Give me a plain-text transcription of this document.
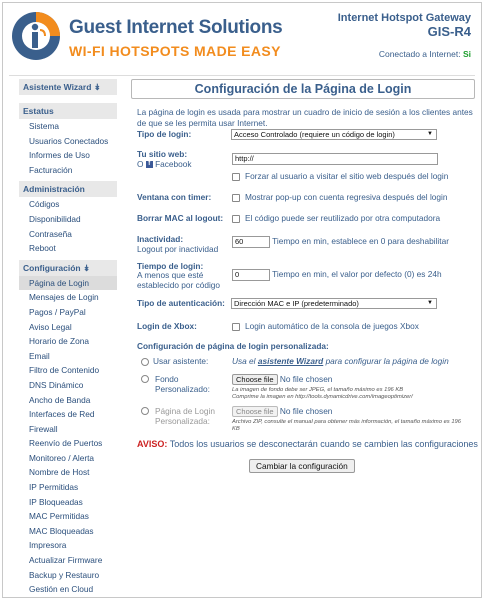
Guest Internet Solutions
WI-FI HOTSPOTS MADE EASY
Internet Hotspot Gateway
GIS-R4
Conectado a Internet: Si
Asistente Wizard ↡
Estatus
Sistema
Usuarios Conectados
Informes de Uso
Facturación
Administración
Códigos
Disponibilidad
Contraseña
Reboot
Configuración ↡
Página de Login
Mensajes de Login
Pagos / PayPal
Aviso Legal
Horario de Zona
Email
Filtro de Contenido
DNS Dinámico
Ancho de Banda
Interfaces de Red
Firewall
Reenvío de Puertos
Monitoreo / Alerta
Nombre de Host
IP Permitidas
IP Bloqueadas
MAC Permitidas
MAC Bloqueadas
Impresora
Actualizar Firmware
Backup y Restauro
Gestión en Cloud
Configuración de la Página de Login
La página de login es usada para mostrar un cuadro de inicio de sesión a los clientes antes de que se les permita usar Internet.
Tipo de login:	Acceso Controlado (requiere un código de login)	▼
Tu sitio web:
O f Facebook
http://
Forzar al usuario a visitar el sitio web después del login
Ventana con timer:	Mostrar pop-up con cuenta regresiva después del login
Borrar MAC al logout:	El código puede ser reutilizado por otra computadora
Inactividad:
Logout por inactividad
60	Tiempo en min, establece en 0 para deshabilitar
Tiempo de login:
A menos que esté establecido por código
0	Tiempo en min, el valor por defecto (0) es 24h
Tipo de autenticación:	Dirección MAC e IP (predeterminado)	▼
Login de Xbox:	Login automático de la consola de juegos Xbox
Configuración de página de login personalizada:
Usar asistente:	Usa el asistente Wizard para configurar la página de login
Fondo Personalizado:
Choose file No file chosen
La imagen de fondo debe ser JPEG, el tamaño máximo es 196 KB
Comprime la imagen en http://tools.dynamicdrive.com/imageoptimizer/
Página de Login Personalizada:
Choose file No file chosen
Archivo ZIP, consulte el manual para obtener más información, el tamaño máximo es 196 KB
AVISO: Todos los usuarios se desconectarán cuando se cambien las configuraciones
Cambiar la configuración
